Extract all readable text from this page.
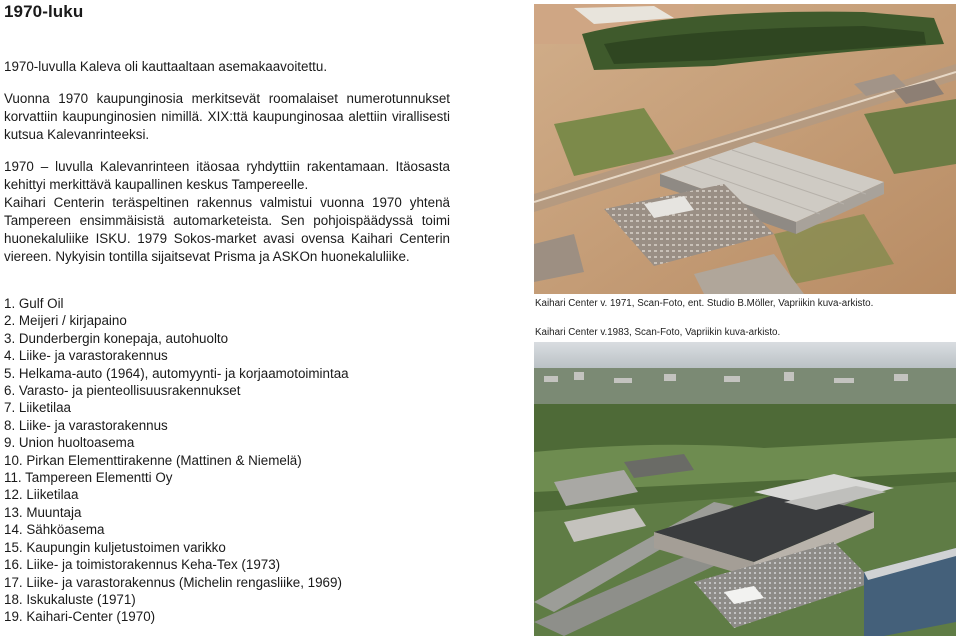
1970-luku

1970-luvulla Kaleva oli kauttaaltaan asemakaavoitettu.

Vuonna 1970 kaupunginosia merkitsevät roomalaiset numerotunnukset korvattiin kaupunginosien nimillä. XIX:ttä kaupunginosaa alettiin virallisesti kutsua Kalevanrinteeksi.

1970 – luvulla Kalevanrinteen itäosaa ryhdyttiin rakentamaan. Itäosasta kehittyi merkittävä kaupallinen keskus Tampereelle.

Kaihari Centerin teräspeltinen rakennus valmistui vuonna 1970 yhtenä Tampereen ensimmäisistä automarketeista. Sen pohjoispäädyssä toimi huonekaluliike ISKU. 1979 Sokos-market avasi ovensa Kaihari Centerin viereen. Nykyisin tontilla sijaitsevat Prisma ja ASKOn huonekaluliike.

1. Gulf Oil
2. Meijeri / kirjapaino
3. Dunderbergin konepaja, autohuolto
4. Liike- ja varastorakennus
5. Helkama-auto (1964), automyynti- ja korjaamotoimintaa
6. Varasto- ja pienteollisuusrakennukset
7. Liiketilaa
8. Liike- ja varastorakennus
9. Union huoltoasema
10. Pirkan Elementtirakenne (Mattinen & Niemelä)
11. Tampereen Elementti Oy
12. Liiketilaa
13. Muuntaja
14. Sähköasema
15. Kaupungin kuljetustoimen varikko
16. Liike- ja toimistorakennus Keha-Tex (1973)
17. Liike- ja varastorakennus (Michelin rengasliike, 1969)
18. Iskukaluste (1971)
19. Kaihari-Center (1970)
Kaihari Center v. 1971, Scan-Foto, ent. Studio B.Möller, Vapriikin kuva-arkisto.
Kaihari Center v.1983, Scan-Foto, Vapriikin kuva-arkisto.
